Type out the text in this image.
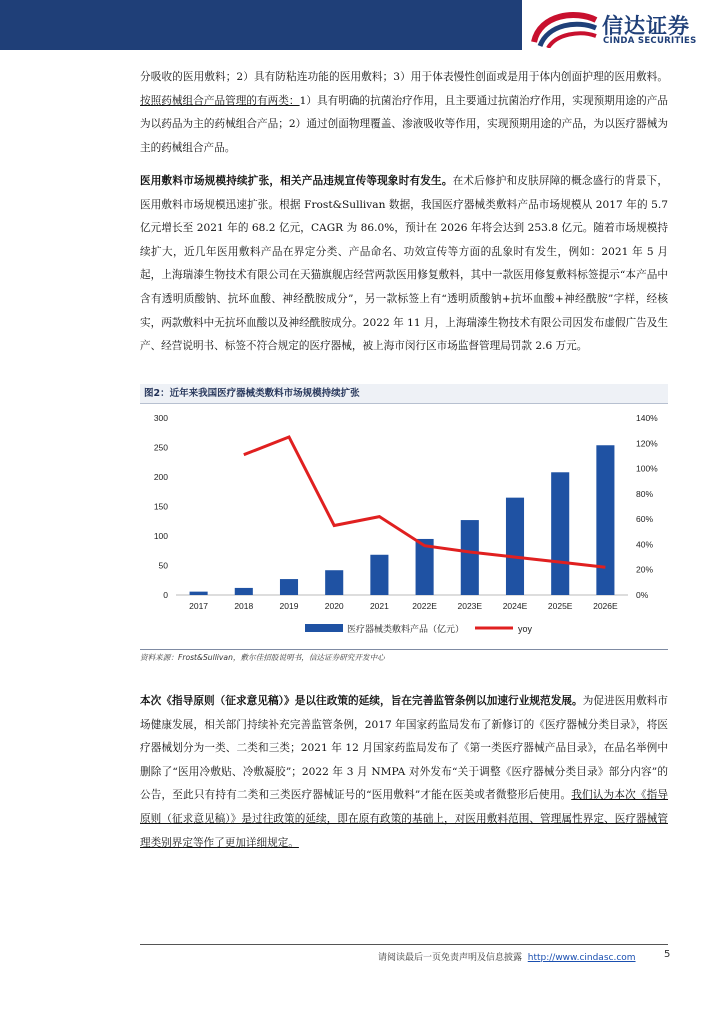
信达证券
CINDA SECURITIES
分吸收的医用敷料；2）具有防粘连功能的医用敷料；3）用于体表慢性创面或是用于体内创面护理的医用敷料。按照药械组合产品管理的有两类：1）具有明确的抗菌治疗作用，且主要通过抗菌治疗作用，实现预期用途的产品为以药品为主的药械组合产品；2）通过创面物理覆盖、渗液吸收等作用，实现预期用途的产品，为以医疗器械为主的药械组合产品。
医用敷料市场规模持续扩张，相关产品违规宣传等现象时有发生。在术后修护和皮肤屏障的概念盛行的背景下，医用敷料市场规模迅速扩张。根据 Frost&Sullivan 数据，我国医疗器械类敷料产品市场规模从 2017 年的 5.7 亿元增长至 2021 年的 68.2 亿元，CAGR 为 86.0%，预计在 2026 年将会达到 253.8 亿元。随着市场规模持续扩大，近几年医用敷料产品在界定分类、产品命名、功效宣传等方面的乱象时有发生，例如：2021 年 5 月起，上海瑞溙生物技术有限公司在天猫旗舰店经营两款医用修复敷料，其中一款医用修复敷料标签提示“本产品中含有透明质酸钠、抗坏血酸、神经酰胺成分”，另一款标签上有“透明质酸钠+抗坏血酸+神经酰胺”字样，经核实，两款敷料中无抗坏血酸以及神经酰胺成分。2022 年 11 月，上海瑞溙生物技术有限公司因发布虚假广告及生产、经营说明书、标签不符合规定的医疗器械，被上海市闵行区市场监督管理局罚款 2.6 万元。
图2：近年来我国医疗器械类敷料市场规模持续扩张
0
50
100
150
200
250
300
0%
20%
40%
60%
80%
100%
120%
140%
2017	2018	2019	2020	2021	2022E 2023E 2024E 2025E 2026E
医疗器械类敷料产品（亿元）	yoy
资料来源：Frost&Sullivan，敷尔佳招股说明书，信达证券研究开发中心
本次《指导原则（征求意见稿）》是以往政策的延续，旨在完善监管条例以加速行业规范发展。为促进医用敷料市场健康发展，相关部门持续补充完善监管条例，2017 年国家药监局发布了新修订的《医疗器械分类目录》，将医疗器械划分为一类、二类和三类；2021 年 12 月国家药监局发布了《第一类医疗器械产品目录》，在品名举例中删除了“医用冷敷贴、冷敷凝胶”；2022 年 3 月 NMPA 对外发布“关于调整《医疗器械分类目录》部分内容”的公告，至此只有持有二类和三类医疗器械证号的“医用敷料”才能在医美或者微整形后使用。我们认为本次《指导原则（征求意见稿）》是过往政策的延续，即在原有政策的基础上，对医用敷料范围、管理属性界定、医疗器械管理类别界定等作了更加详细规定。
请阅读最后一页免责声明及信息披露 http://www.cindasc.com	5
